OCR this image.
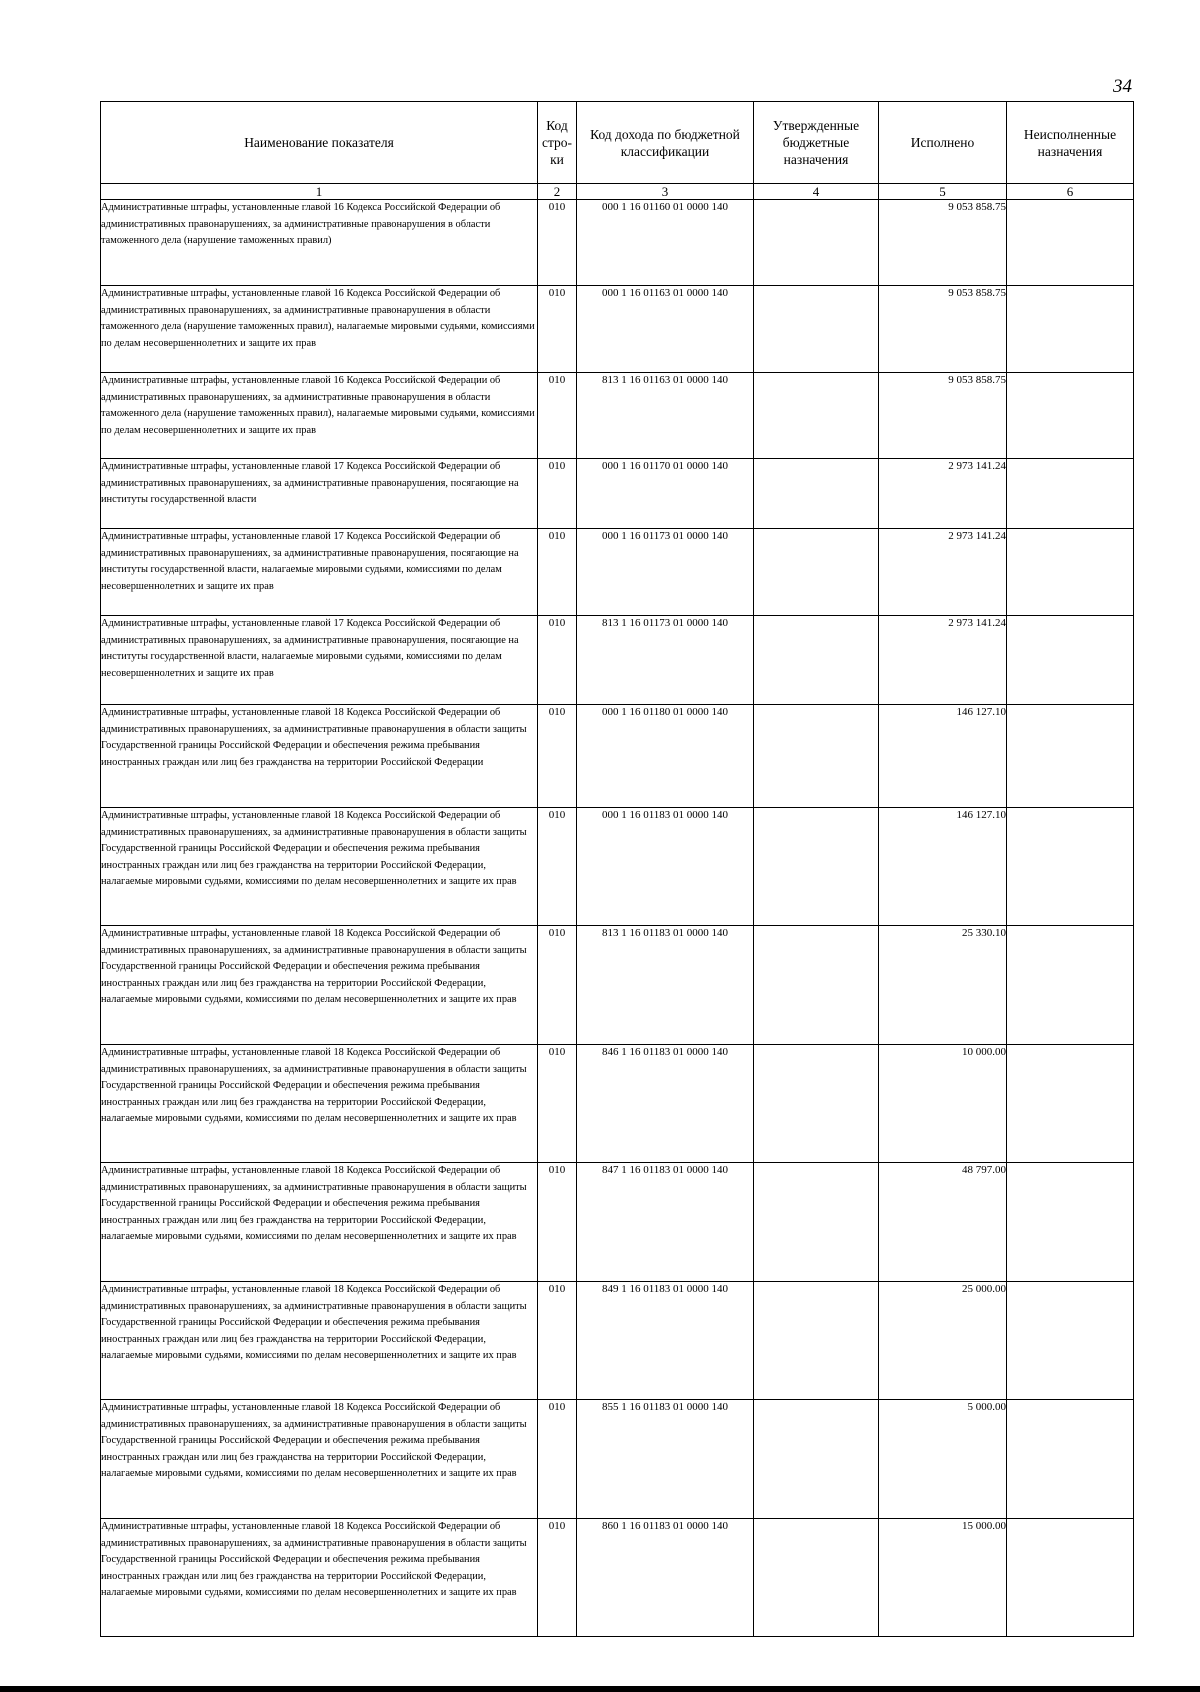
34
Наименование показателя	Код стро-ки	Код дохода по бюджетной классификации	Утвержденные бюджетные назначения	Исполнено	Неисполненные назначения
1	2	3	4	5	6
Административные штрафы, установленные главой 16 Кодекса Российской Федерации об административных правонарушениях, за административные правонарушения в области таможенного дела (нарушение таможенных правил)	010	000 1 16 01160 01 0000 140		9 053 858.75	
Административные штрафы, установленные главой 16 Кодекса Российской Федерации об административных правонарушениях, за административные правонарушения в области таможенного дела (нарушение таможенных правил), налагаемые мировыми судьями, комиссиями по делам несовершеннолетних и защите их прав	010	000 1 16 01163 01 0000 140		9 053 858.75	
Административные штрафы, установленные главой 16 Кодекса Российской Федерации об административных правонарушениях, за административные правонарушения в области таможенного дела (нарушение таможенных правил), налагаемые мировыми судьями, комиссиями по делам несовершеннолетних и защите их прав	010	813 1 16 01163 01 0000 140		9 053 858.75	
Административные штрафы, установленные главой 17 Кодекса Российской Федерации об административных правонарушениях, за административные правонарушения, посягающие на институты государственной власти	010	000 1 16 01170 01 0000 140		2 973 141.24	
Административные штрафы, установленные главой 17 Кодекса Российской Федерации об административных правонарушениях, за административные правонарушения, посягающие на институты государственной власти, налагаемые мировыми судьями, комиссиями по делам несовершеннолетних и защите их прав	010	000 1 16 01173 01 0000 140		2 973 141.24	
Административные штрафы, установленные главой 17 Кодекса Российской Федерации об административных правонарушениях, за административные правонарушения, посягающие на институты государственной власти, налагаемые мировыми судьями, комиссиями по делам несовершеннолетних и защите их прав	010	813 1 16 01173 01 0000 140		2 973 141.24	
Административные штрафы, установленные главой 18 Кодекса Российской Федерации об административных правонарушениях, за административные правонарушения в области защиты Государственной границы Российской Федерации и обеспечения режима пребывания иностранных граждан или лиц без гражданства на территории Российской Федерации	010	000 1 16 01180 01 0000 140		146 127.10	
Административные штрафы, установленные главой 18 Кодекса Российской Федерации об административных правонарушениях, за административные правонарушения в области защиты Государственной границы Российской Федерации и обеспечения режима пребывания иностранных граждан или лиц без гражданства на территории Российской Федерации, налагаемые мировыми судьями, комиссиями по делам несовершеннолетних и защите их прав	010	000 1 16 01183 01 0000 140		146 127.10	
Административные штрафы, установленные главой 18 Кодекса Российской Федерации об административных правонарушениях, за административные правонарушения в области защиты Государственной границы Российской Федерации и обеспечения режима пребывания иностранных граждан или лиц без гражданства на территории Российской Федерации, налагаемые мировыми судьями, комиссиями по делам несовершеннолетних и защите их прав	010	813 1 16 01183 01 0000 140		25 330.10	
Административные штрафы, установленные главой 18 Кодекса Российской Федерации об административных правонарушениях, за административные правонарушения в области защиты Государственной границы Российской Федерации и обеспечения режима пребывания иностранных граждан или лиц без гражданства на территории Российской Федерации, налагаемые мировыми судьями, комиссиями по делам несовершеннолетних и защите их прав	010	846 1 16 01183 01 0000 140		10 000.00	
Административные штрафы, установленные главой 18 Кодекса Российской Федерации об административных правонарушениях, за административные правонарушения в области защиты Государственной границы Российской Федерации и обеспечения режима пребывания иностранных граждан или лиц без гражданства на территории Российской Федерации, налагаемые мировыми судьями, комиссиями по делам несовершеннолетних и защите их прав	010	847 1 16 01183 01 0000 140		48 797.00	
Административные штрафы, установленные главой 18 Кодекса Российской Федерации об административных правонарушениях, за административные правонарушения в области защиты Государственной границы Российской Федерации и обеспечения режима пребывания иностранных граждан или лиц без гражданства на территории Российской Федерации, налагаемые мировыми судьями, комиссиями по делам несовершеннолетних и защите их прав	010	849 1 16 01183 01 0000 140		25 000.00	
Административные штрафы, установленные главой 18 Кодекса Российской Федерации об административных правонарушениях, за административные правонарушения в области защиты Государственной границы Российской Федерации и обеспечения режима пребывания иностранных граждан или лиц без гражданства на территории Российской Федерации, налагаемые мировыми судьями, комиссиями по делам несовершеннолетних и защите их прав	010	855 1 16 01183 01 0000 140		5 000.00	
Административные штрафы, установленные главой 18 Кодекса Российской Федерации об административных правонарушениях, за административные правонарушения в области защиты Государственной границы Российской Федерации и обеспечения режима пребывания иностранных граждан или лиц без гражданства на территории Российской Федерации, налагаемые мировыми судьями, комиссиями по делам несовершеннолетних и защите их прав	010	860 1 16 01183 01 0000 140		15 000.00	
